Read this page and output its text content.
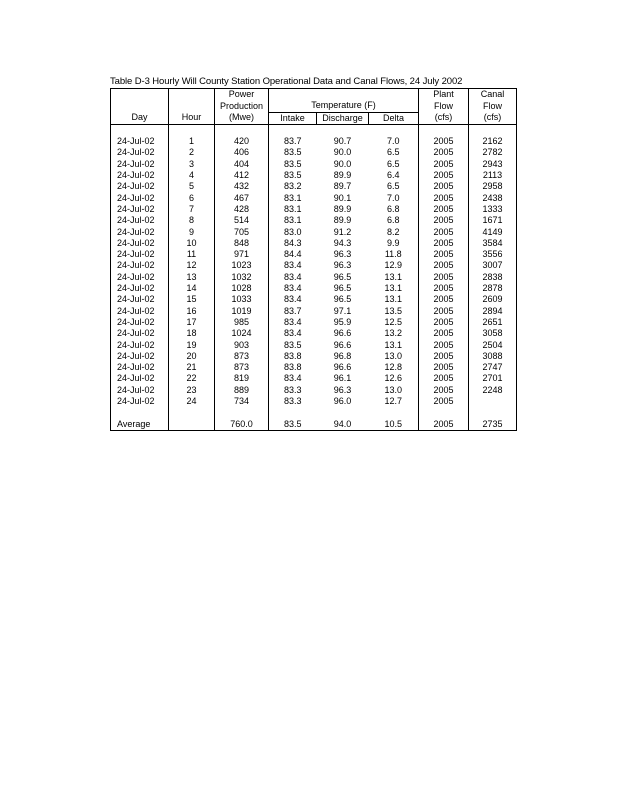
Table D-3 Hourly Will County Station Operational Data and Canal Flows, 24 July 2002
		Power				Plant	Canal
		Production	Temperature (F)			Flow	Flow
Day	Hour	(Mwe)	Intake	Discharge	Delta	(cfs)	(cfs)

24-Jul-02	1	420	83.7	90.7	7.0	2005	2162
24-Jul-02	2	406	83.5	90.0	6.5	2005	2782
24-Jul-02	3	404	83.5	90.0	6.5	2005	2943
24-Jul-02	4	412	83.5	89.9	6.4	2005	2113
24-Jul-02	5	432	83.2	89.7	6.5	2005	2958
24-Jul-02	6	467	83.1	90.1	7.0	2005	2438
24-Jul-02	7	428	83.1	89.9	6.8	2005	1333
24-Jul-02	8	514	83.1	89.9	6.8	2005	1671
24-Jul-02	9	705	83.0	91.2	8.2	2005	4149
24-Jul-02	10	848	84.3	94.3	9.9	2005	3584
24-Jul-02	11	971	84.4	96.3	11.8	2005	3556
24-Jul-02	12	1023	83.4	96.3	12.9	2005	3007
24-Jul-02	13	1032	83.4	96.5	13.1	2005	2838
24-Jul-02	14	1028	83.4	96.5	13.1	2005	2878
24-Jul-02	15	1033	83.4	96.5	13.1	2005	2609
24-Jul-02	16	1019	83.7	97.1	13.5	2005	2894
24-Jul-02	17	985	83.4	95.9	12.5	2005	2651
24-Jul-02	18	1024	83.4	96.6	13.2	2005	3058
24-Jul-02	19	903	83.5	96.6	13.1	2005	2504
24-Jul-02	20	873	83.8	96.8	13.0	2005	3088
24-Jul-02	21	873	83.8	96.6	12.8	2005	2747
24-Jul-02	22	819	83.4	96.1	12.6	2005	2701
24-Jul-02	23	889	83.3	96.3	13.0	2005	2248
24-Jul-02	24	734	83.3	96.0	12.7	2005	

Average		760.0	83.5	94.0	10.5	2005	2735
